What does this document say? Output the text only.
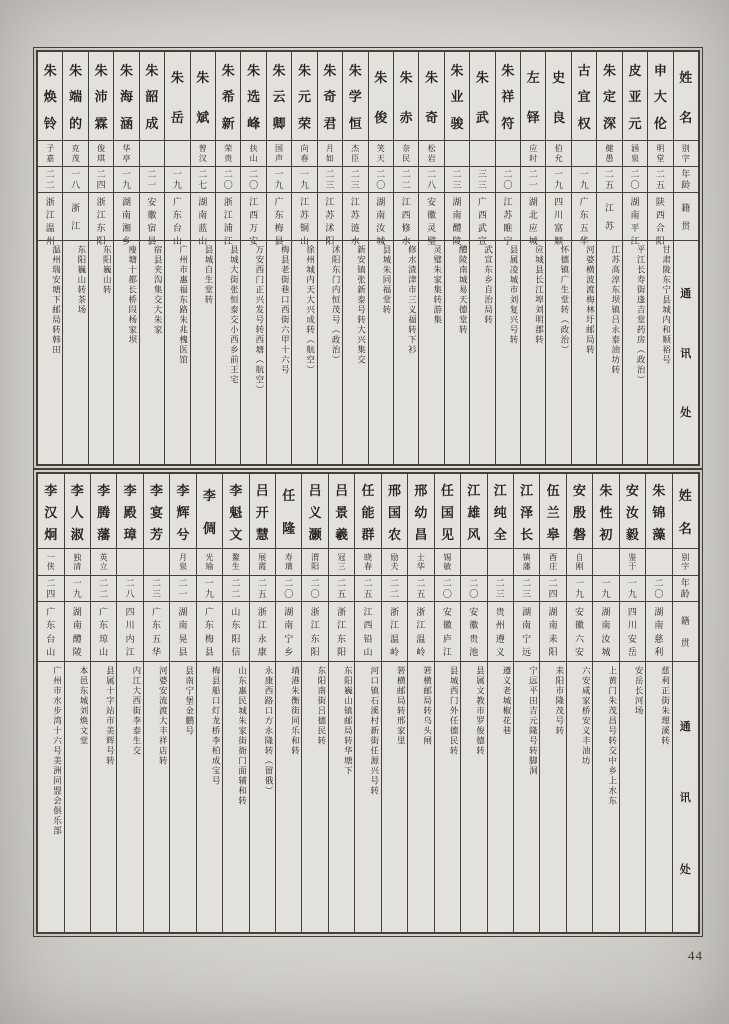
姓
名
别
字
年
龄
籍
贯
通
讯
处
申
大
伦
明
堂
二
五
陕
西
合
阳
甘肃陇东宁县城内和顺裕号
皮
亚
元
涵
泉
二
〇
湖
南
平
江
平江长寿街逢吉堂药房（政治）
朱
定
深
健
愚
二
五
江
苏
江苏高淳东坝镇吕永泰油坊转
古
宜
权
一
九
广
东
五
华
河婆横波渡梅林圩邮局转
史
良
伯
允
一
九
四
川
富
顺
怀德镇广生堂转（政治）
左
铎
应
时
二
一
湖
北
应
城
应城县长江埠刘明郡转
朱
祥
符
二
〇
江
苏
睢
宁
县属凌城市刘复兴号转
朱
武
三
三
广
西
武
宣
武宣东乡自治局转
朱
业
骏
二
三
湖
南
醴
陵
醴陵南城易天德堂转
朱
奇
松
岩
二
八
安
徽
灵
璧
灵璧朱家集转游集
朱
赤
奈
民
二
二
江
西
修
水
修水渣津市三义福转下衫
朱
俊
笑
天
二
〇
湖
南
汝
城
县城朱同福堂转
朱
学
恒
杰
臣
二
三
江
苏
涟
水
新安镇张新泰号转大兴集交
朱
奇
君
月
如
二
三
江
苏
沭
阳
沭阳东门内恒茂号（政治）
朱
元
荣
向
春
一
九
江
苏
铜
山
徐州城内天大兴成转（航空）
朱
云
卿
国
声
一
九
广
东
梅
县
梅县老街巷口西街六甲十六号
朱
选
峰
扶
山
二
〇
江
西
万
安
万安西门正兴发号转西塘（航空）
朱
希
新
荣
贵
二
〇
浙
江
浦
江
县城大街张恒泰交小西乡前王宅
朱
斌
曾
汉
二
七
湖
南
蓝
山
县城自生堂转
朱
岳
一
九
广
东
台
山
广州市惠福东路朱兆槐医馆
朱
韶
成
二
一
安
徽
宿
县
宿县夹沟集交大朱家
朱
海
涵
华
亭
一
九
湖
南
湘
乡
廋塘十都长桥叚杨家坝
朱
沛
霖
俊
琪
二
四
浙
江
东
阳
东阳巍山转
朱
端
的
克
茂
一
八
浙
江
东阳巍山转茶场
朱
焕
铃
子
嘉
二
二
浙
江
温
州
温州瑞安塘下邮局转韩田
姓
名
别
字
年
龄
籍
贯
通
讯
处
朱
锦
藻
二
〇
湖
南
慈
利
慈利正街朱理溪转
安
汝
毅
鉴
于
一
九
四
川
安
岳
安岳长河场
朱
性
初
一
九
湖
南
汝
城
上黄门朱茂昌号转交中乡上水东
安
殷
磐
自
刚
一
九
安
徽
六
安
六安咸家桥安义丰油坊
伍
兰
皋
酉
庄
二
四
湖
南
耒
阳
耒阳市隆茂号转
江
泽
长
镇
藩
二
三
湖
南
宁
远
宁远平田吉元隆号转脚洞
江
纯
全
二
三
贵
州
遵
义
遵义老城椒花巷
江
雄
风
二
〇
安
徽
贵
池
县属文教市罗俊德转
任
国
见
锡
敏
二
〇
安
徽
庐
江
县城西门外任德民转
邢
幼
昌
士
华
二
五
浙
江
温
岭
箬横邮局转乌头闸
邢
国
农
励
夫
二
二
浙
江
温
岭
箬横邮局转邢家里
任
能
群
晓
春
二
五
江
西
铅
山
河口镇石溪村新街任源兴号转
吕
景
羲
冠
三
二
五
浙
江
东
阳
东阳巍山镇邮局转华塘下
吕
义
灏
渭
阳
二
〇
浙
江
东
阳
东阳南街吕德民转
任
隆
寿
璜
二
〇
湖
南
宁
乡
靖港朱衡街同乐和转
吕
开
慧
展
霞
二
五
浙
江
永
康
永康西路口方永隆转（留俄）
李
魁
文
鳌
生
二
二
山
东
阳
信
山东惠民城朱家街衙门面辅和转
李
倜
光
瑜
一
九
广
东
梅
县
梅县船口灯龙桥李柏成宝号
李
辉
兮
月
泉
二
一
湖
南
晃
县
县南宁堡金鹏号
李
宴
芳
二
三
广
东
五
华
河婆安流渡大丰祥店转
李
殿
璋
二
八
四
川
内
江
内江大西街李泰生交
李
腾
藩
英
立
二
二
广
东
琼
山
县属十字站市美辉号转
李
人
淑
独
清
一
九
湖
南
醴
陵
本邑东城刘焕文堂
李
汉
炯
一
侠
二
四
广
东
台
山
广州市水步湾十六号美洲同盟会俱乐部
44
